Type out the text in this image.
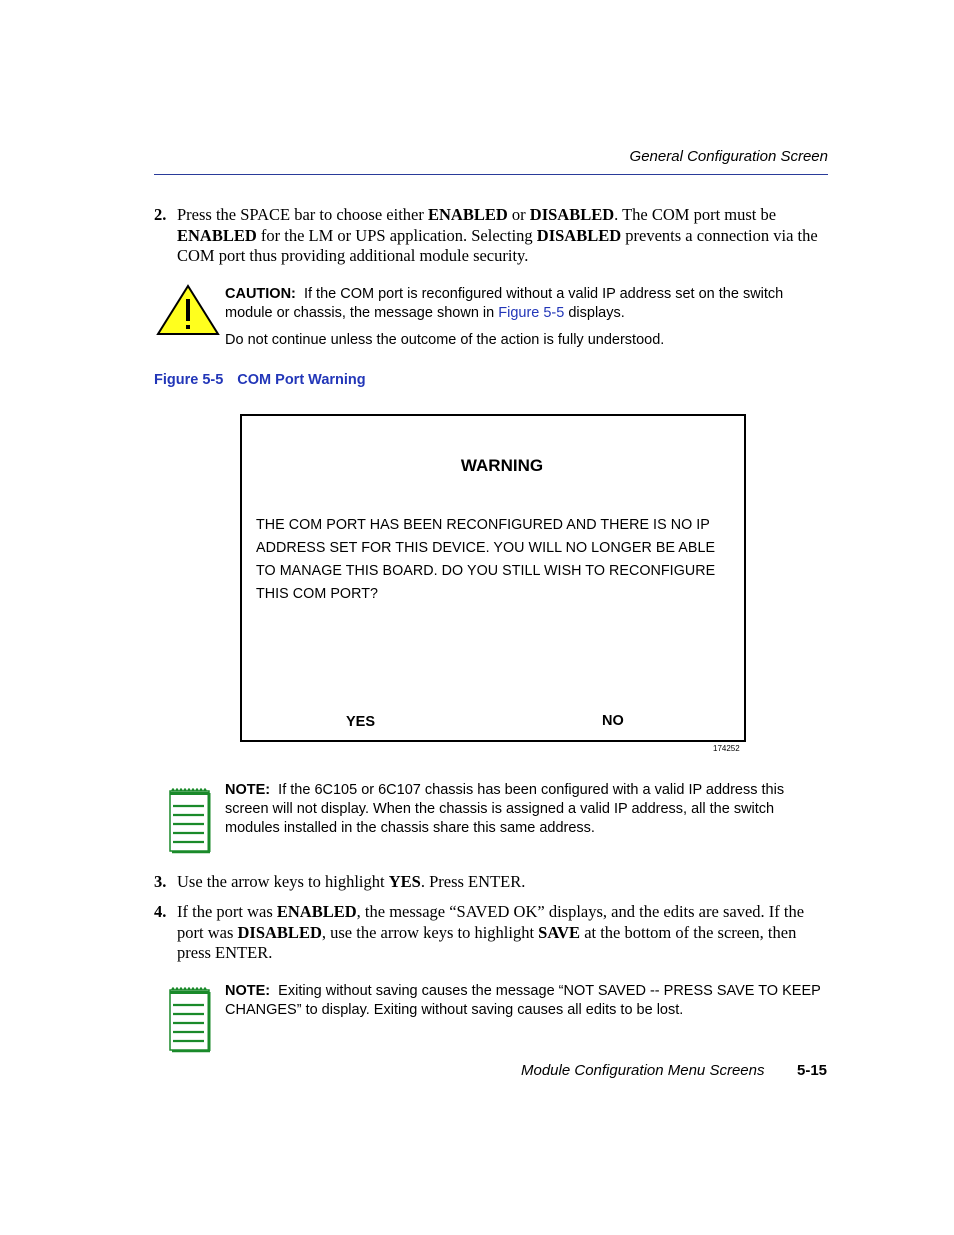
General Configuration Screen
2. Press the SPACE bar to choose either ENABLED or DISABLED. The COM port must be ENABLED for the LM or UPS application. Selecting DISABLED prevents a connection via the COM port thus providing additional module security.
CAUTION: If the COM port is reconfigured without a valid IP address set on the switch module or chassis, the message shown in Figure 5-5 displays.
Do not continue unless the outcome of the action is fully understood.
Figure 5-5 COM Port Warning
WARNING
THE COM PORT HAS BEEN RECONFIGURED AND THERE IS NO IP
ADDRESS SET FOR THIS DEVICE. YOU WILL NO LONGER BE ABLE
TO MANAGE THIS BOARD. DO YOU STILL WISH TO RECONFIGURE
THIS COM PORT?
YES	NO
174252
NOTE: If the 6C105 or 6C107 chassis has been configured with a valid IP address this screen will not display. When the chassis is assigned a valid IP address, all the switch modules installed in the chassis share this same address.
3. Use the arrow keys to highlight YES. Press ENTER.
4. If the port was ENABLED, the message “SAVED OK” displays, and the edits are saved. If the port was DISABLED, use the arrow keys to highlight SAVE at the bottom of the screen, then press ENTER.
NOTE: Exiting without saving causes the message “NOT SAVED -- PRESS SAVE TO KEEP CHANGES” to display. Exiting without saving causes all edits to be lost.
Module Configuration Menu Screens 5-15
